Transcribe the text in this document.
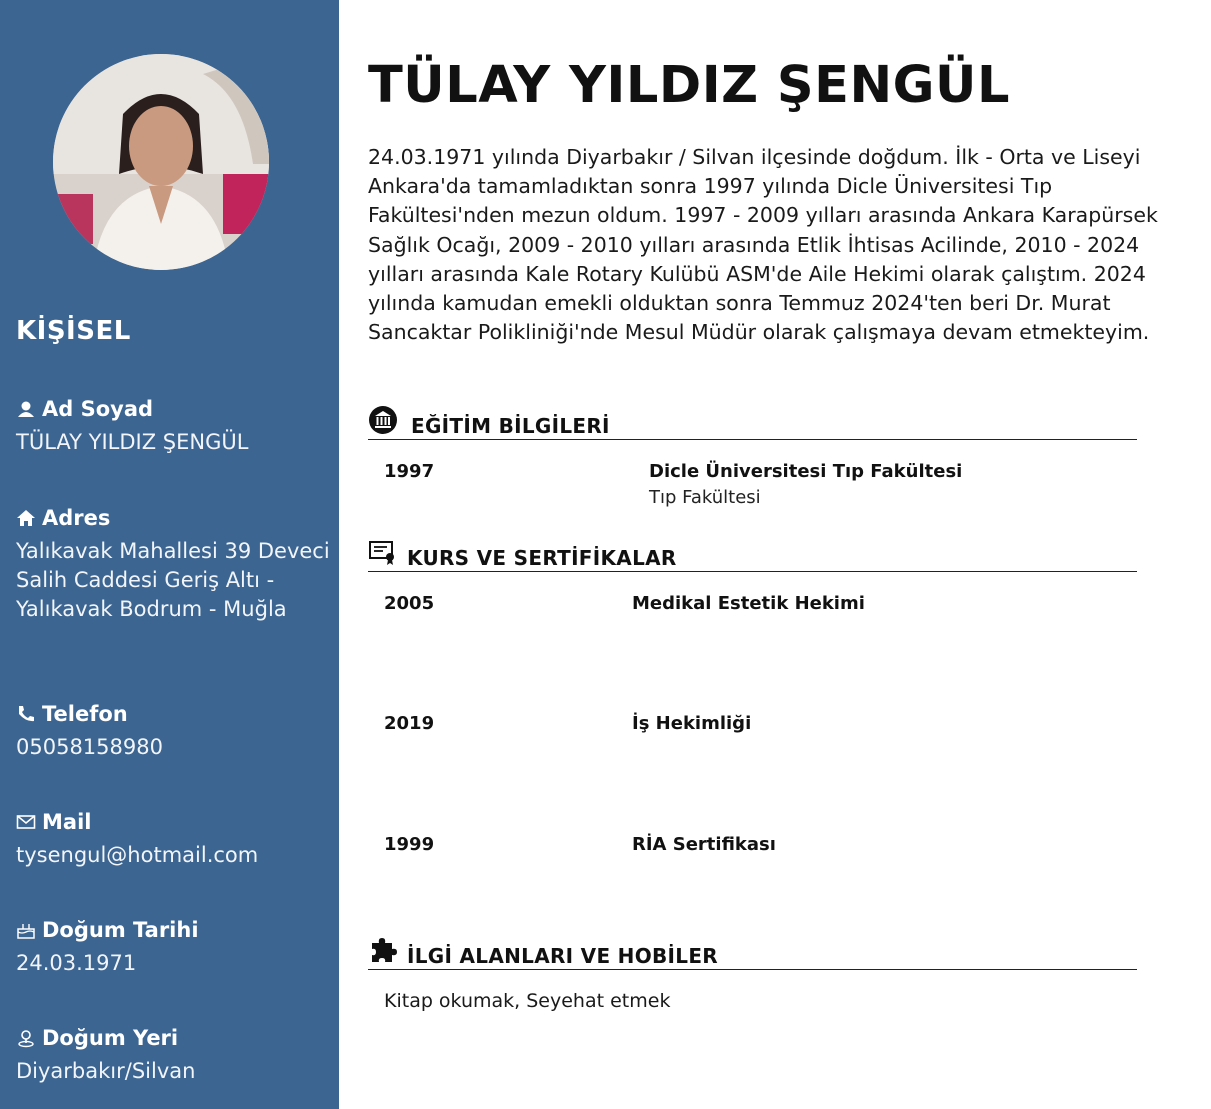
KİŞİSEL
Ad Soyad
TÜLAY YILDIZ ŞENGÜL
Adres
Yalıkavak Mahallesi 39 Deveci Salih Caddesi Geriş Altı - Yalıkavak Bodrum - Muğla
Telefon
05058158980
Mail
tysengul@hotmail.com
Doğum Tarihi
24.03.1971
Doğum Yeri
Diyarbakır/Silvan
TÜLAY YILDIZ ŞENGÜL
24.03.1971 yılında Diyarbakır / Silvan ilçesinde doğdum. İlk - Orta ve Liseyi Ankara'da tamamladıktan sonra 1997 yılında Dicle Üniversitesi Tıp Fakültesi'nden mezun oldum. 1997 - 2009 yılları arasında Ankara Karapürsek Sağlık Ocağı, 2009 - 2010 yılları arasında Etlik İhtisas Acilinde, 2010 - 2024 yılları arasında Kale Rotary Kulübü ASM'de Aile Hekimi olarak çalıştım. 2024 yılında kamudan emekli olduktan sonra Temmuz 2024'ten beri Dr. Murat Sancaktar Polikliniği'nde Mesul Müdür olarak çalışmaya devam etmekteyim.
EĞİTİM BİLGİLERİ
1997	Dicle Üniversitesi Tıp Fakültesi
Tıp Fakültesi
KURS VE SERTİFİKALAR
2005	Medikal Estetik Hekimi
2019	İş Hekimliği
1999	RİA Sertifikası
İLGİ ALANLARI VE HOBİLER
Kitap okumak, Seyehat etmek
